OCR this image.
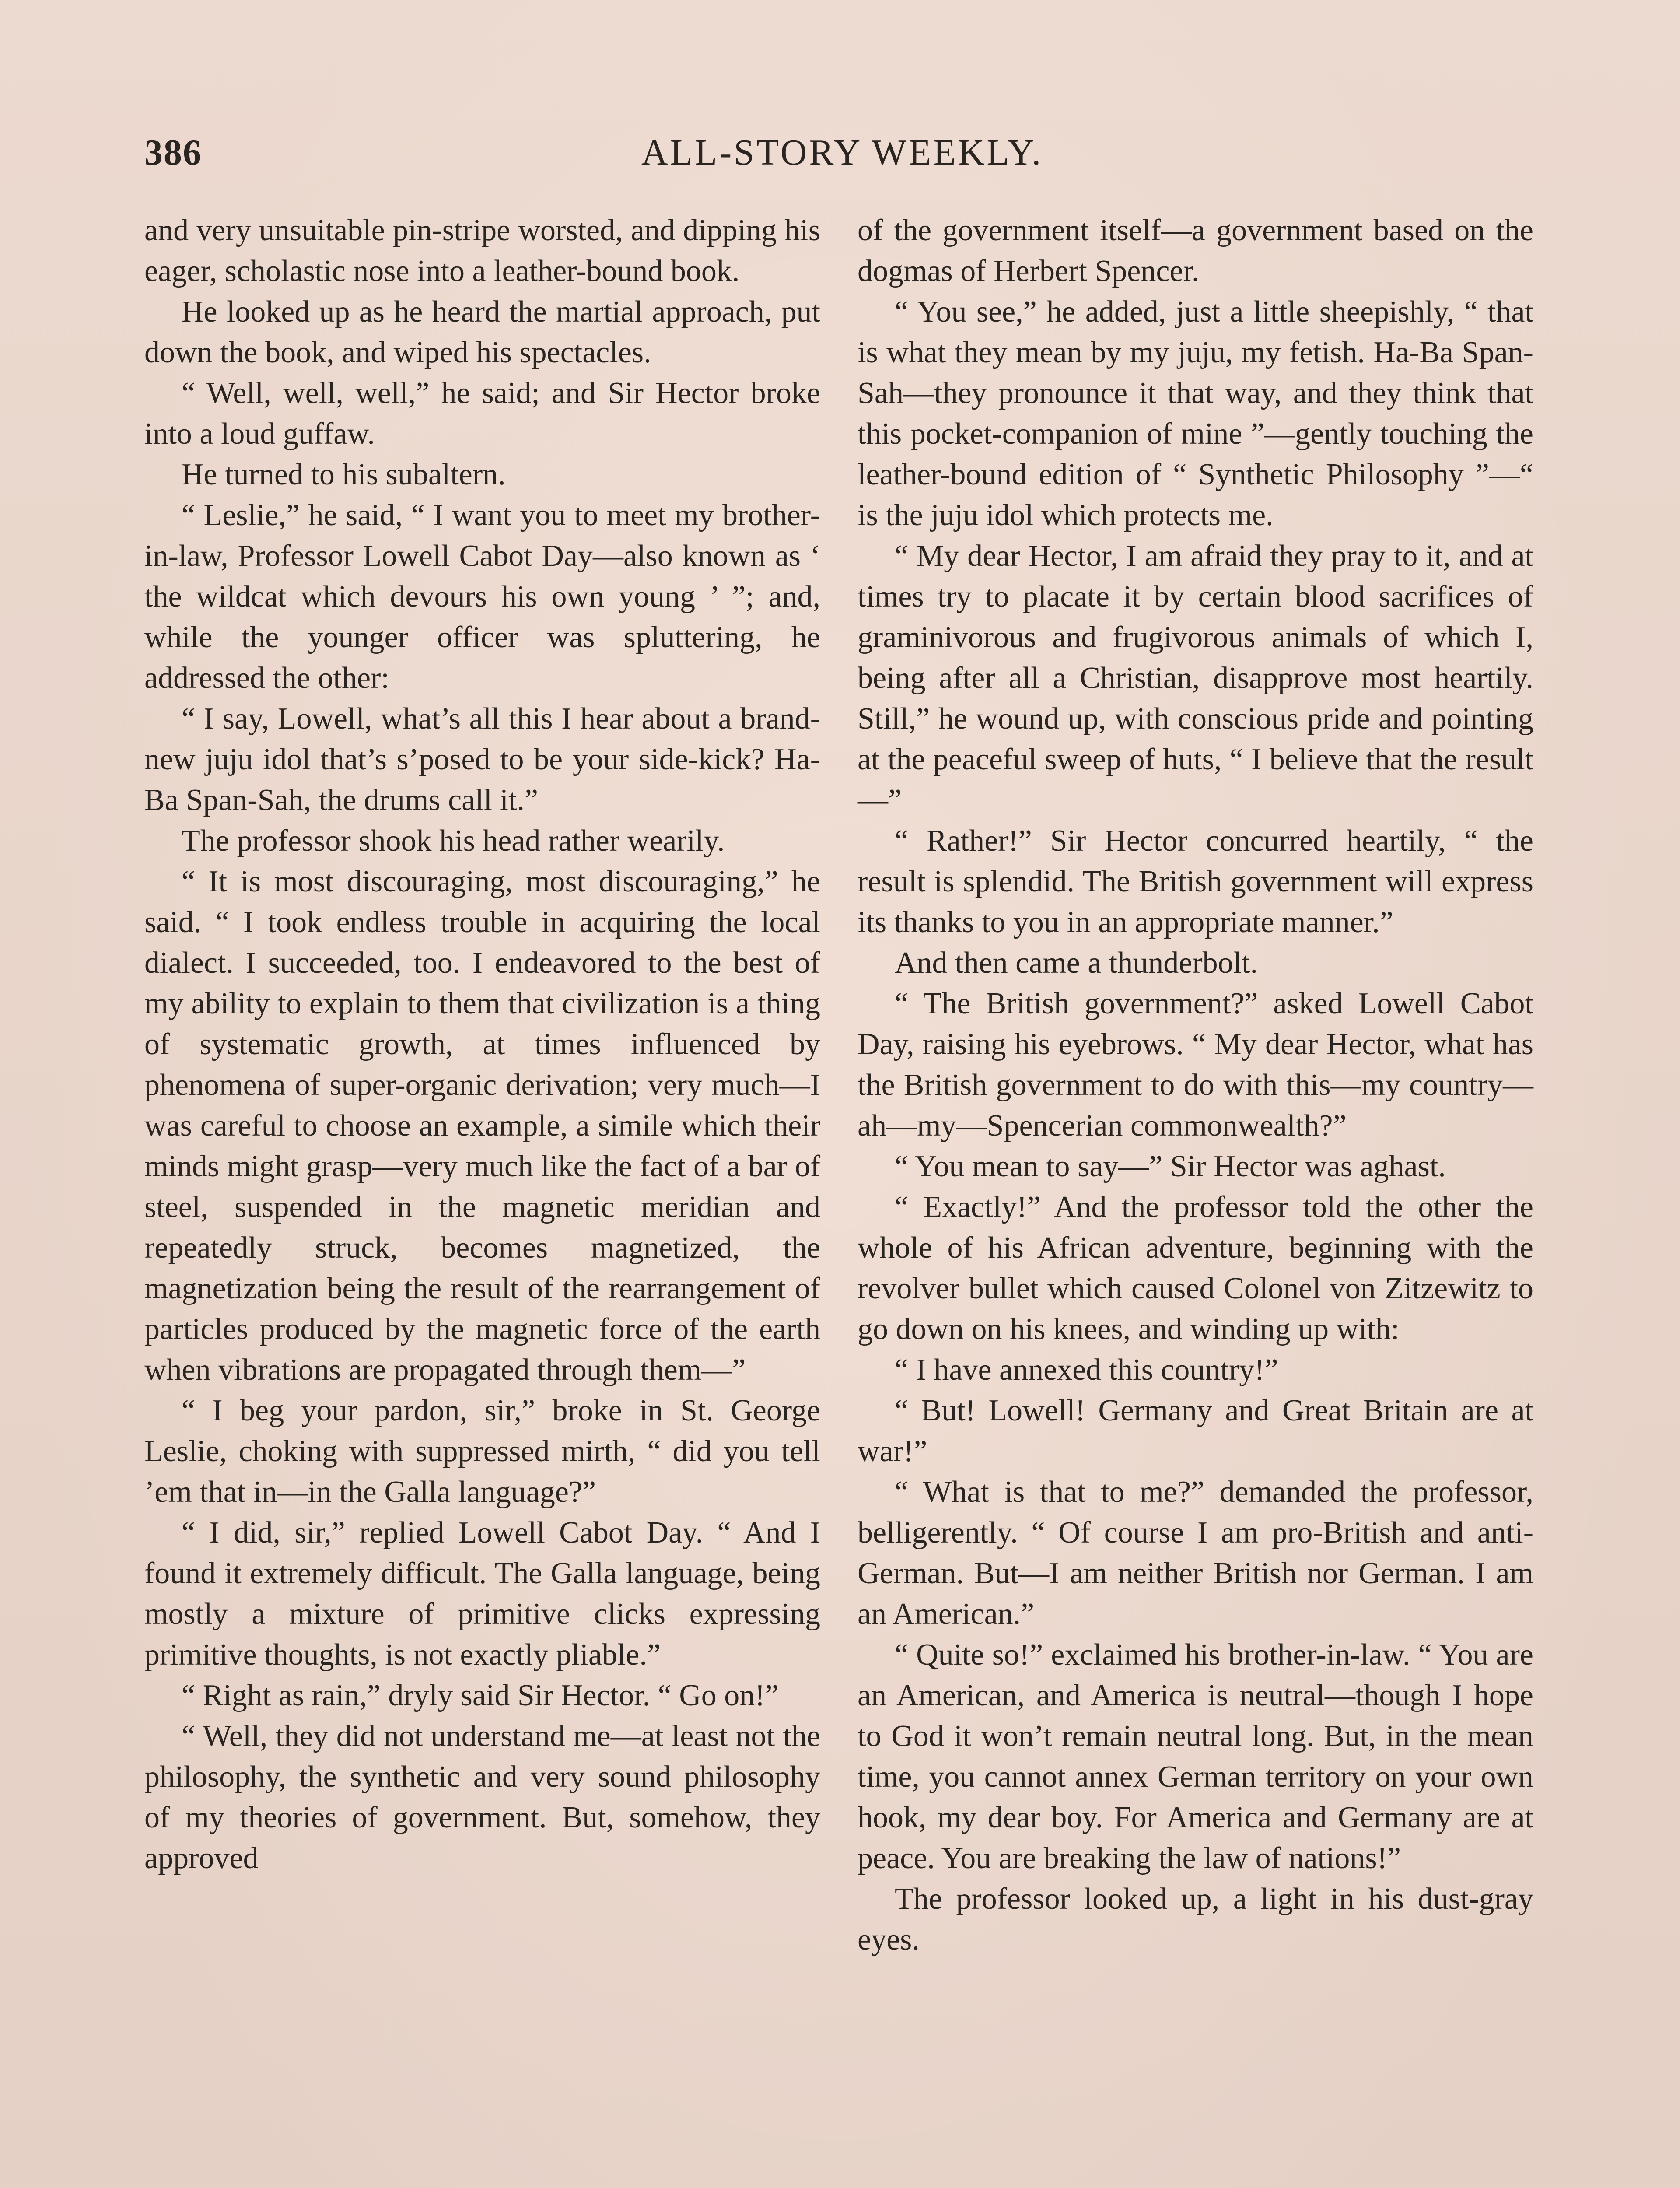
386	ALL-STORY WEEKLY.

and very unsuitable pin-stripe worsted, and dipping his eager, scholastic nose into a leather-bound book.

He looked up as he heard the martial approach, put down the book, and wiped his spectacles.

“ Well, well, well,” he said; and Sir Hector broke into a loud guffaw.

He turned to his subaltern.

“ Leslie,” he said, “ I want you to meet my brother-in-law, Professor Lowell Cabot Day—also known as ‘ the wildcat which devours his own young ’ ”; and, while the younger officer was spluttering, he addressed the other:

“ I say, Lowell, what’s all this I hear about a brand-new juju idol that’s s’posed to be your side-kick? Ha-Ba Span-Sah, the drums call it.”

The professor shook his head rather wearily.

“ It is most discouraging, most discouraging,” he said. “ I took endless trouble in acquiring the local dialect. I succeeded, too. I endeavored to the best of my ability to explain to them that civilization is a thing of systematic growth, at times influenced by phenomena of super-organic derivation; very much—I was careful to choose an example, a simile which their minds might grasp—very much like the fact of a bar of steel, suspended in the magnetic meridian and repeatedly struck, becomes magnetized, the magnetization being the result of the rearrangement of particles produced by the magnetic force of the earth when vibrations are propagated through them—”

“ I beg your pardon, sir,” broke in St. George Leslie, choking with suppressed mirth, “ did you tell ’em that in—in the Galla language?”

“ I did, sir,” replied Lowell Cabot Day. “ And I found it extremely difficult. The Galla language, being mostly a mixture of primitive clicks expressing primitive thoughts, is not exactly pliable.”

“ Right as rain,” dryly said Sir Hector. “ Go on!”

“ Well, they did not understand me—at least not the philosophy, the synthetic and very sound philosophy of my theories of government. But, somehow, they approved

of the government itself—a government based on the dogmas of Herbert Spencer.

“ You see,” he added, just a little sheepishly, “ that is what they mean by my juju, my fetish. Ha-Ba Span-Sah—they pronounce it that way, and they think that this pocket-companion of mine ”—gently touching the leather-bound edition of “ Synthetic Philosophy ”—“ is the juju idol which protects me.

“ My dear Hector, I am afraid they pray to it, and at times try to placate it by certain blood sacrifices of graminivorous and frugivorous animals of which I, being after all a Christian, disapprove most heartily. Still,” he wound up, with conscious pride and pointing at the peaceful sweep of huts, “ I believe that the result—”

“ Rather!” Sir Hector concurred heartily, “ the result is splendid. The British government will express its thanks to you in an appropriate manner.”

And then came a thunderbolt.

“ The British government?” asked Lowell Cabot Day, raising his eyebrows. “ My dear Hector, what has the British government to do with this—my country—ah—my—Spencerian commonwealth?”

“ You mean to say—” Sir Hector was aghast.

“ Exactly!” And the professor told the other the whole of his African adventure, beginning with the revolver bullet which caused Colonel von Zitzewitz to go down on his knees, and winding up with:

“ I have annexed this country!”

“ But! Lowell! Germany and Great Britain are at war!”

“ What is that to me?” demanded the professor, belligerently. “ Of course I am pro-British and anti-German. But—I am neither British nor German. I am an American.”

“ Quite so!” exclaimed his brother-in-law. “ You are an American, and America is neutral—though I hope to God it won’t remain neutral long. But, in the mean time, you cannot annex German territory on your own hook, my dear boy. For America and Germany are at peace. You are breaking the law of nations!”

The professor looked up, a light in his dust-gray eyes.
